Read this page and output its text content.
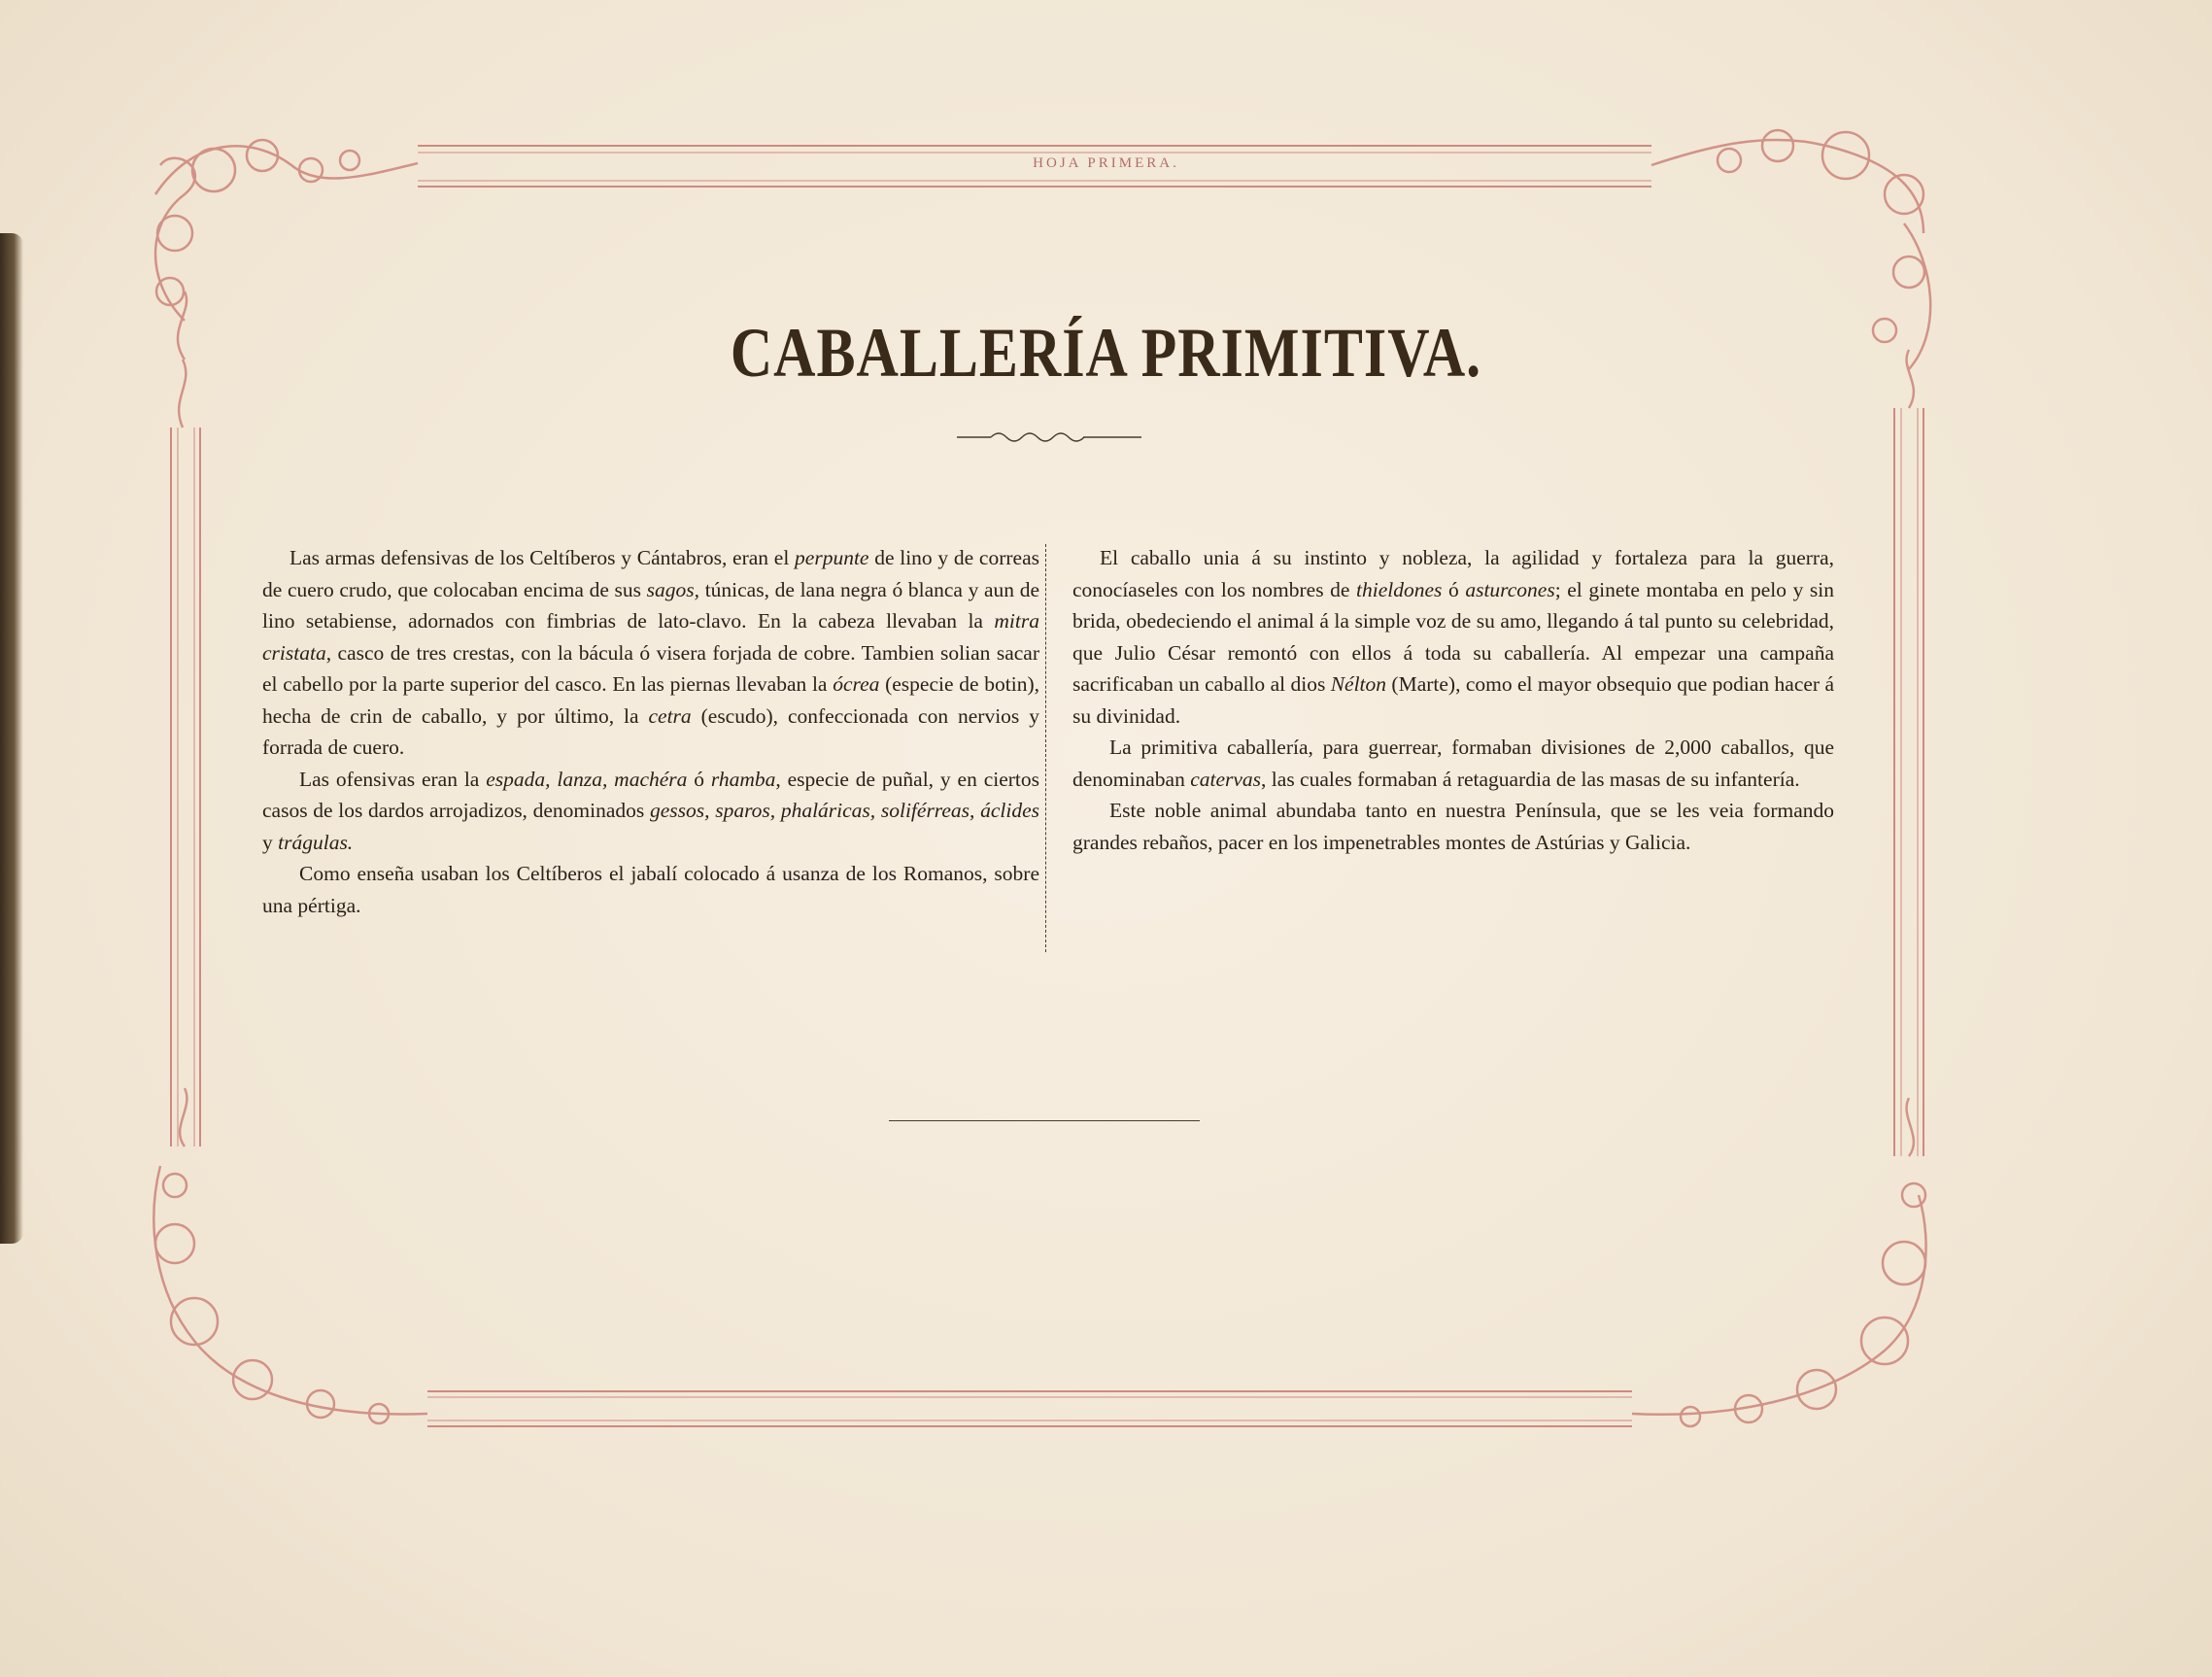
HOJA PRIMERA.
CABALLERÍA PRIMITIVA.

Las armas defensivas de los Celtíberos y Cántabros, eran el perpunte de lino y de correas de cuero crudo, que colocaban encima de sus sagos, túnicas, de lana negra ó blanca y aun de lino setabiense, adornados con fimbrias de lato-clavo. En la cabeza llevaban la mitra cristata, casco de tres crestas, con la bácula ó visera forjada de cobre. Tambien solian sacar el cabello por la parte superior del casco. En las piernas llevaban la ócrea (especie de botin), hecha de crin de caballo, y por último, la cetra (escudo), confeccionada con nervios y forrada de cuero.

Las ofensivas eran la espada, lanza, machéra ó rhamba, especie de puñal, y en ciertos casos de los dardos arrojadizos, denominados gessos, sparos, phaláricas, soliférreas, áclides y trágulas.

Como enseña usaban los Celtíberos el jabalí colocado á usanza de los Romanos, sobre una pértiga.

El caballo unia á su instinto y nobleza, la agilidad y fortaleza para la guerra, conocíaseles con los nombres de thieldones ó asturcones; el ginete montaba en pelo y sin brida, obedeciendo el animal á la simple voz de su amo, llegando á tal punto su celebridad, que Julio César remontó con ellos á toda su caballería. Al empezar una campaña sacrificaban un caballo al dios Nélton (Marte), como el mayor obsequio que podian hacer á su divinidad.

La primitiva caballería, para guerrear, formaban divisiones de 2,000 caballos, que denominaban catervas, las cuales formaban á retaguardia de las masas de su infantería.

Este noble animal abundaba tanto en nuestra Península, que se les veia formando grandes rebaños, pacer en los impenetrables montes de Astúrias y Galicia.
